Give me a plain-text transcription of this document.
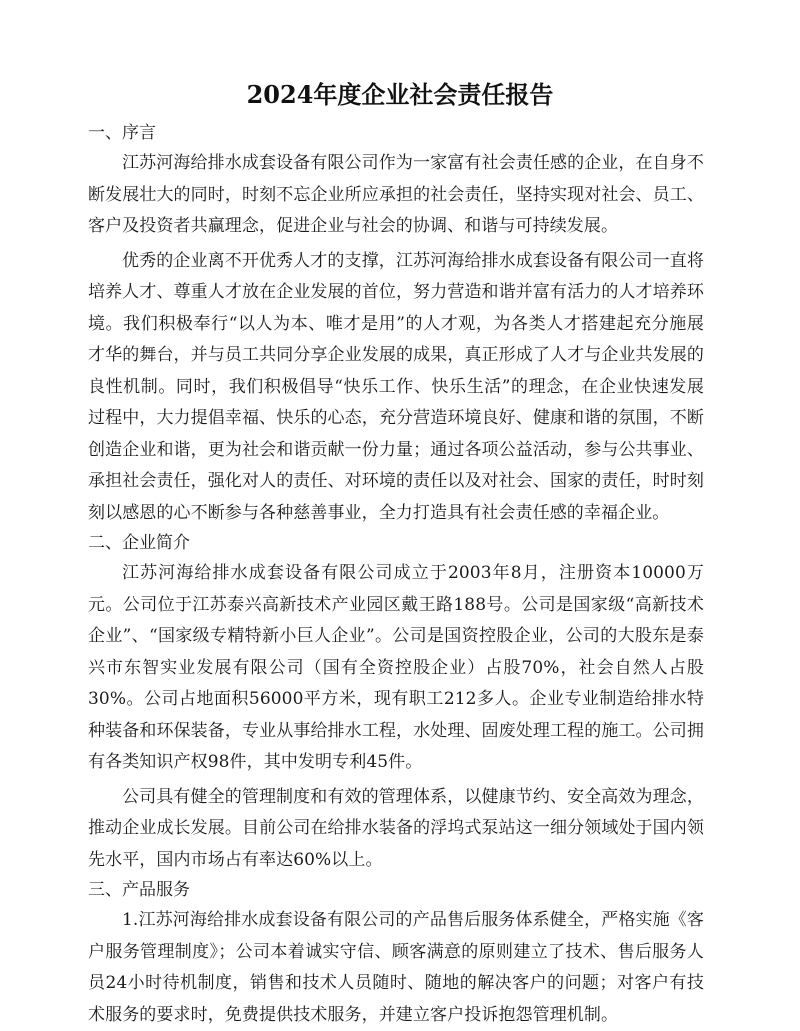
2024年度企业社会责任报告
一、序言

江苏河海给排水成套设备有限公司作为一家富有社会责任感的企业，在自身不断发展壮大的同时，时刻不忘企业所应承担的社会责任，坚持实现对社会、员工、客户及投资者共赢理念，促进企业与社会的协调、和谐与可持续发展。

优秀的企业离不开优秀人才的支撑，江苏河海给排水成套设备有限公司一直将培养人才、尊重人才放在企业发展的首位，努力营造和谐并富有活力的人才培养环境。我们积极奉行“以人为本、唯才是用”的人才观，为各类人才搭建起充分施展才华的舞台，并与员工共同分享企业发展的成果，真正形成了人才与企业共发展的良性机制。同时，我们积极倡导“快乐工作、快乐生活”的理念，在企业快速发展过程中，大力提倡幸福、快乐的心态，充分营造环境良好、健康和谐的氛围，不断创造企业和谐，更为社会和谐贡献一份力量；通过各项公益活动，参与公共事业、承担社会责任，强化对人的责任、对环境的责任以及对社会、国家的责任，时时刻刻以感恩的心不断参与各种慈善事业，全力打造具有社会责任感的幸福企业。

二、企业简介

江苏河海给排水成套设备有限公司成立于2003年8月，注册资本10000万元。公司位于江苏泰兴高新技术产业园区戴王路188号。公司是国家级“高新技术企业”、“国家级专精特新小巨人企业”。公司是国资控股企业，公司的大股东是泰兴市东智实业发展有限公司（国有全资控股企业）占股70%，社会自然人占股30%。公司占地面积56000平方米，现有职工212多人。企业专业制造给排水特种装备和环保装备，专业从事给排水工程，水处理、固废处理工程的施工。公司拥有各类知识产权98件，其中发明专利45件。

公司具有健全的管理制度和有效的管理体系，以健康节约、安全高效为理念，推动企业成长发展。目前公司在给排水装备的浮坞式泵站这一细分领域处于国内领先水平，国内市场占有率达60%以上。

三、产品服务

1.江苏河海给排水成套设备有限公司的产品售后服务体系健全，严格实施《客户服务管理制度》；公司本着诚实守信、顾客满意的原则建立了技术、售后服务人员24小时待机制度，销售和技术人员随时、随地的解决客户的问题；对客户有技术服务的要求时，免费提供技术服务，并建立客户投诉抱怨管理机制。
